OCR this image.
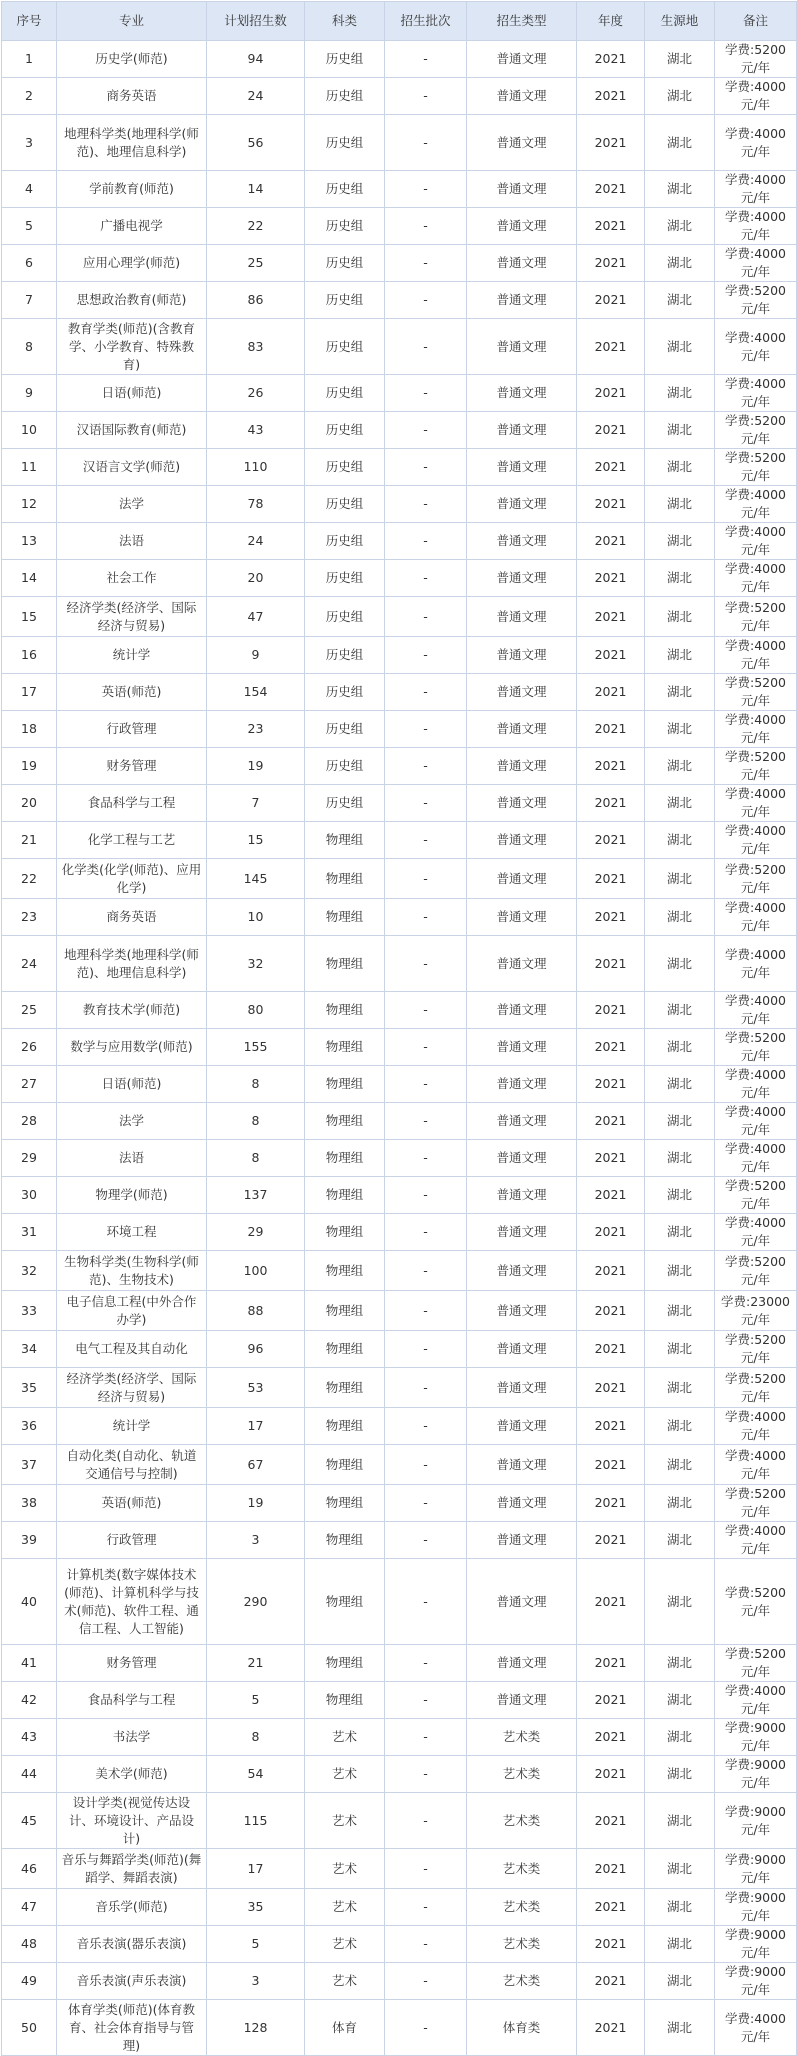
序号	专业	计划招生数	科类	招生批次	招生类型	年度	生源地	备注
1	历史学(师范)	94	历史组	-	普通文理	2021	湖北	学费:5200元/年
2	商务英语	24	历史组	-	普通文理	2021	湖北	学费:4000元/年
3	地理科学类(地理科学(师范)、地理信息科学)	56	历史组	-	普通文理	2021	湖北	学费:4000元/年
4	学前教育(师范)	14	历史组	-	普通文理	2021	湖北	学费:4000元/年
5	广播电视学	22	历史组	-	普通文理	2021	湖北	学费:4000元/年
6	应用心理学(师范)	25	历史组	-	普通文理	2021	湖北	学费:4000元/年
7	思想政治教育(师范)	86	历史组	-	普通文理	2021	湖北	学费:5200元/年
8	教育学类(师范)(含教育学、小学教育、特殊教育)	83	历史组	-	普通文理	2021	湖北	学费:4000元/年
9	日语(师范)	26	历史组	-	普通文理	2021	湖北	学费:4000元/年
10	汉语国际教育(师范)	43	历史组	-	普通文理	2021	湖北	学费:5200元/年
11	汉语言文学(师范)	110	历史组	-	普通文理	2021	湖北	学费:5200元/年
12	法学	78	历史组	-	普通文理	2021	湖北	学费:4000元/年
13	法语	24	历史组	-	普通文理	2021	湖北	学费:4000元/年
14	社会工作	20	历史组	-	普通文理	2021	湖北	学费:4000元/年
15	经济学类(经济学、国际经济与贸易)	47	历史组	-	普通文理	2021	湖北	学费:5200元/年
16	统计学	9	历史组	-	普通文理	2021	湖北	学费:4000元/年
17	英语(师范)	154	历史组	-	普通文理	2021	湖北	学费:5200元/年
18	行政管理	23	历史组	-	普通文理	2021	湖北	学费:4000元/年
19	财务管理	19	历史组	-	普通文理	2021	湖北	学费:5200元/年
20	食品科学与工程	7	历史组	-	普通文理	2021	湖北	学费:4000元/年
21	化学工程与工艺	15	物理组	-	普通文理	2021	湖北	学费:4000元/年
22	化学类(化学(师范)、应用化学)	145	物理组	-	普通文理	2021	湖北	学费:5200元/年
23	商务英语	10	物理组	-	普通文理	2021	湖北	学费:4000元/年
24	地理科学类(地理科学(师范)、地理信息科学)	32	物理组	-	普通文理	2021	湖北	学费:4000元/年
25	教育技术学(师范)	80	物理组	-	普通文理	2021	湖北	学费:4000元/年
26	数学与应用数学(师范)	155	物理组	-	普通文理	2021	湖北	学费:5200元/年
27	日语(师范)	8	物理组	-	普通文理	2021	湖北	学费:4000元/年
28	法学	8	物理组	-	普通文理	2021	湖北	学费:4000元/年
29	法语	8	物理组	-	普通文理	2021	湖北	学费:4000元/年
30	物理学(师范)	137	物理组	-	普通文理	2021	湖北	学费:5200元/年
31	环境工程	29	物理组	-	普通文理	2021	湖北	学费:4000元/年
32	生物科学类(生物科学(师范)、生物技术)	100	物理组	-	普通文理	2021	湖北	学费:5200元/年
33	电子信息工程(中外合作办学)	88	物理组	-	普通文理	2021	湖北	学费:23000元/年
34	电气工程及其自动化	96	物理组	-	普通文理	2021	湖北	学费:5200元/年
35	经济学类(经济学、国际经济与贸易)	53	物理组	-	普通文理	2021	湖北	学费:5200元/年
36	统计学	17	物理组	-	普通文理	2021	湖北	学费:4000元/年
37	自动化类(自动化、轨道交通信号与控制)	67	物理组	-	普通文理	2021	湖北	学费:4000元/年
38	英语(师范)	19	物理组	-	普通文理	2021	湖北	学费:5200元/年
39	行政管理	3	物理组	-	普通文理	2021	湖北	学费:4000元/年
40	计算机类(数字媒体技术(师范)、计算机科学与技术(师范)、软件工程、通信工程、人工智能)	290	物理组	-	普通文理	2021	湖北	学费:5200元/年
41	财务管理	21	物理组	-	普通文理	2021	湖北	学费:5200元/年
42	食品科学与工程	5	物理组	-	普通文理	2021	湖北	学费:4000元/年
43	书法学	8	艺术	-	艺术类	2021	湖北	学费:9000元/年
44	美术学(师范)	54	艺术	-	艺术类	2021	湖北	学费:9000元/年
45	设计学类(视觉传达设计、环境设计、产品设计)	115	艺术	-	艺术类	2021	湖北	学费:9000元/年
46	音乐与舞蹈学类(师范)(舞蹈学、舞蹈表演)	17	艺术	-	艺术类	2021	湖北	学费:9000元/年
47	音乐学(师范)	35	艺术	-	艺术类	2021	湖北	学费:9000元/年
48	音乐表演(器乐表演)	5	艺术	-	艺术类	2021	湖北	学费:9000元/年
49	音乐表演(声乐表演)	3	艺术	-	艺术类	2021	湖北	学费:9000元/年
50	体育学类(师范)(体育教育、社会体育指导与管理)	128	体育	-	体育类	2021	湖北	学费:4000元/年
